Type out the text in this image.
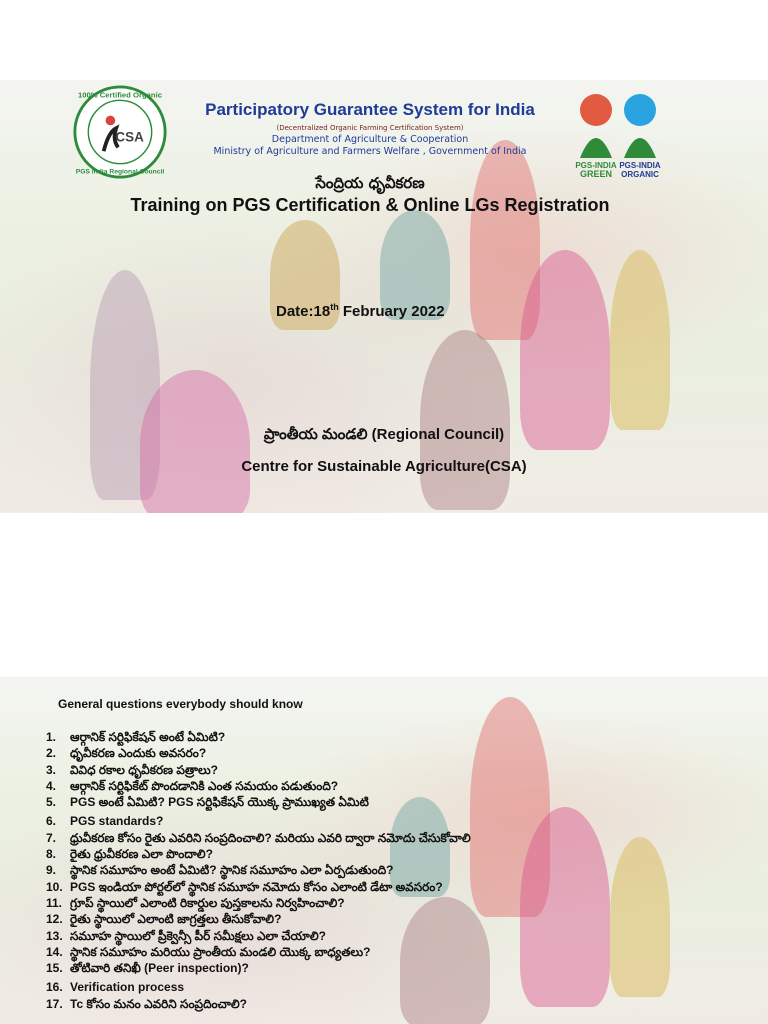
100% Certified Organic
PGS India Regional Council
CSA
Participatory Guarantee System for India
(Decentralized Organic Farming Certification System)
Department of Agriculture & Cooperation
Ministry of Agriculture and Farmers Welfare , Government of India
PGS-INDIA
GREEN
PGS-INDIA
ORGANIC
సేంద్రియ ధృవీకరణ
Training on PGS Certification & Online LGs Registration
Date:18th February 2022
ప్రాంతీయ మండలి (Regional Council)
Centre for Sustainable Agriculture(CSA)
General questions everybody should know
1. ఆర్గానిక్ సర్టిఫికేషన్ అంటే ఏమిటి?
2. ధృవీకరణ ఎందుకు అవసరం?
3. వివిధ రకాల ధృవీకరణ పత్రాలు?
4. ఆర్గానిక్ సర్టిఫికేట్ పొందడానికి ఎంత సమయం పడుతుంది?
5. PGS అంటే ఏమిటి? PGS సర్టిఫికేషన్ యొక్క ప్రాముఖ్యత ఏమిటి
6. PGS standards?
7. ధ్రువీకరణ కోసం రైతు ఎవరిని సంప్రదించాలి? మరియు ఎవరి ద్వారా నమోదు చేసుకోవాలి
8. రైతు ధ్రువీకరణ ఎలా పొందాలి?
9. స్థానిక సమూహం అంటే ఏమిటి? స్థానిక సమూహం ఎలా ఏర్పడుతుంది?
10. PGS ఇండియా పోర్టల్‌లో స్థానిక సమూహ నమోదు కోసం ఎలాంటి డేటా అవసరం?
11. గ్రూప్ స్థాయిలో ఎలాంటి రికార్డుల పుస్తకాలను నిర్వహించాలి?
12. రైతు స్థాయిలో ఎలాంటి జాగ్రత్తలు తీసుకోవాలి?
13. సమూహ స్థాయిలో ప్రీక్వెన్సీ పీర్ సమీక్షలు ఎలా చేయాలి?
14. స్థానిక సమూహం మరియు ప్రాంతీయ మండలి యొక్క బాధ్యతలు?
15. తోటివారి తనిఖీ (Peer inspection)?
16. Verification process
17. Tc కోసం మనం ఎవరిని సంప్రదించాలి?
